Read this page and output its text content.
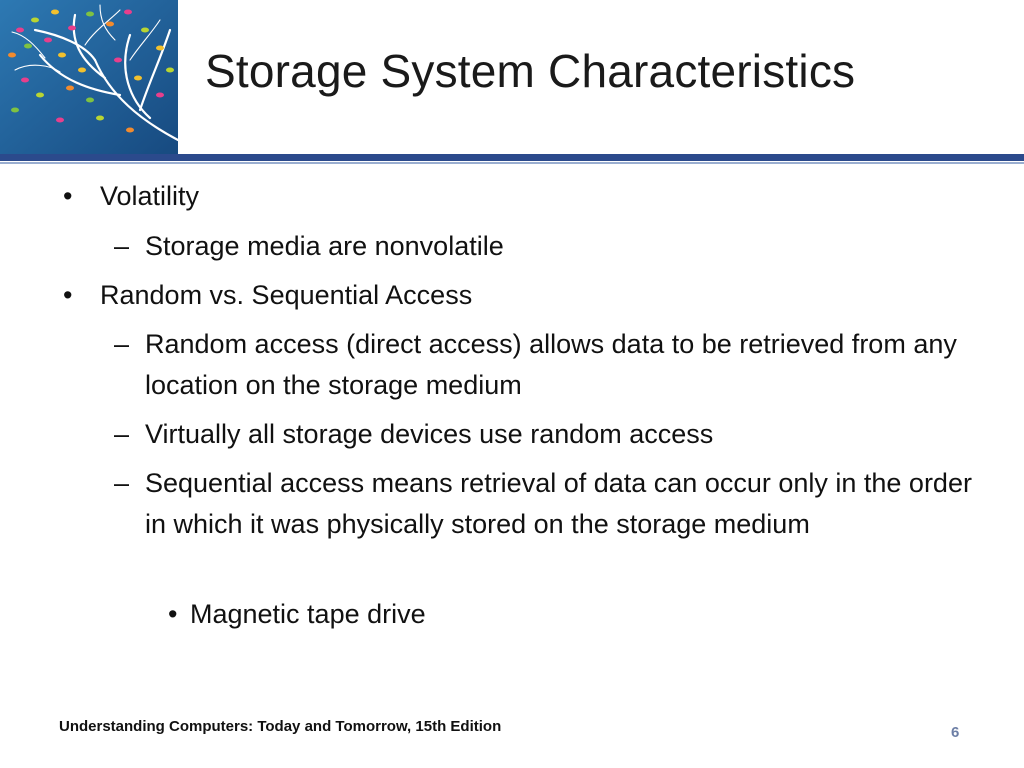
Storage System Characteristics
• Volatility
– Storage media are nonvolatile
• Random vs. Sequential Access
– Random access (direct access) allows data to be retrieved from any location on the storage medium
– Virtually all storage devices use random access
– Sequential access means retrieval of data can occur only in the order in which it was physically stored on the storage medium
• Magnetic tape drive
Understanding Computers: Today and Tomorrow, 15th Edition	6
